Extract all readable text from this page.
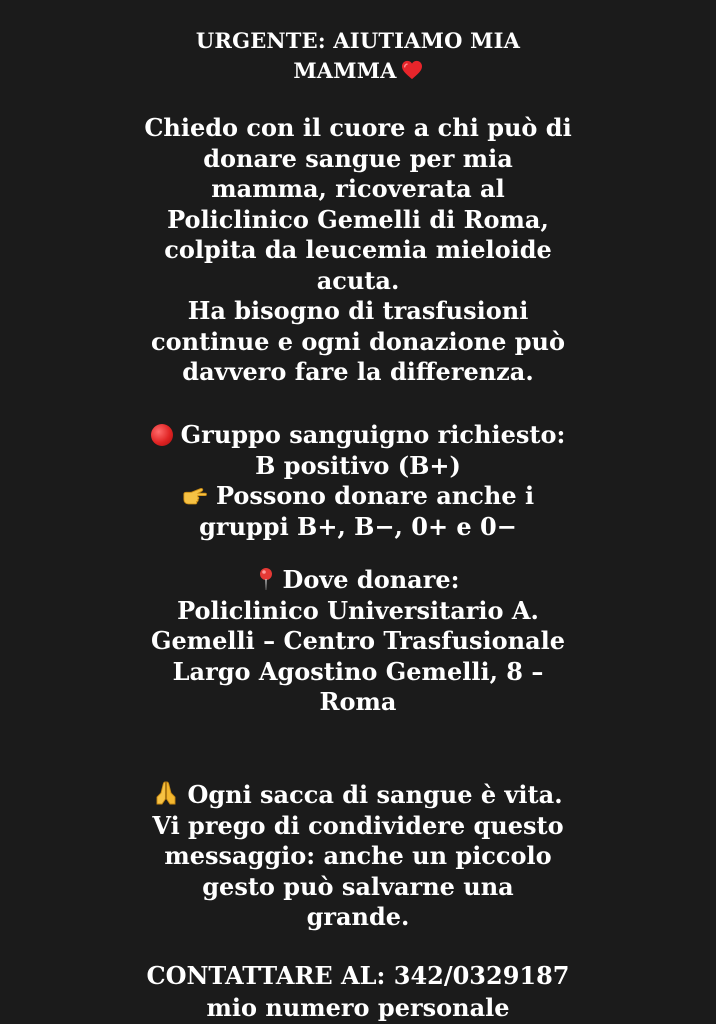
URGENTE: AIUTIAMO MIA
MAMMA
Chiedo con il cuore a chi può di
donare sangue per mia
mamma, ricoverata al
Policlinico Gemelli di Roma,
colpita da leucemia mieloide
acuta.
Ha bisogno di trasfusioni
continue e ogni donazione può
davvero fare la differenza.
Gruppo sanguigno richiesto:
B positivo (B+)
Possono donare anche i
gruppi B+, B−, 0+ e 0−
Dove donare:
Policlinico Universitario A.
Gemelli – Centro Trasfusionale
Largo Agostino Gemelli, 8 –
Roma
Ogni sacca di sangue è vita.
Vi prego di condividere questo
messaggio: anche un piccolo
gesto può salvarne una
grande.
CONTATTARE AL: 342/0329187
mio numero personale
